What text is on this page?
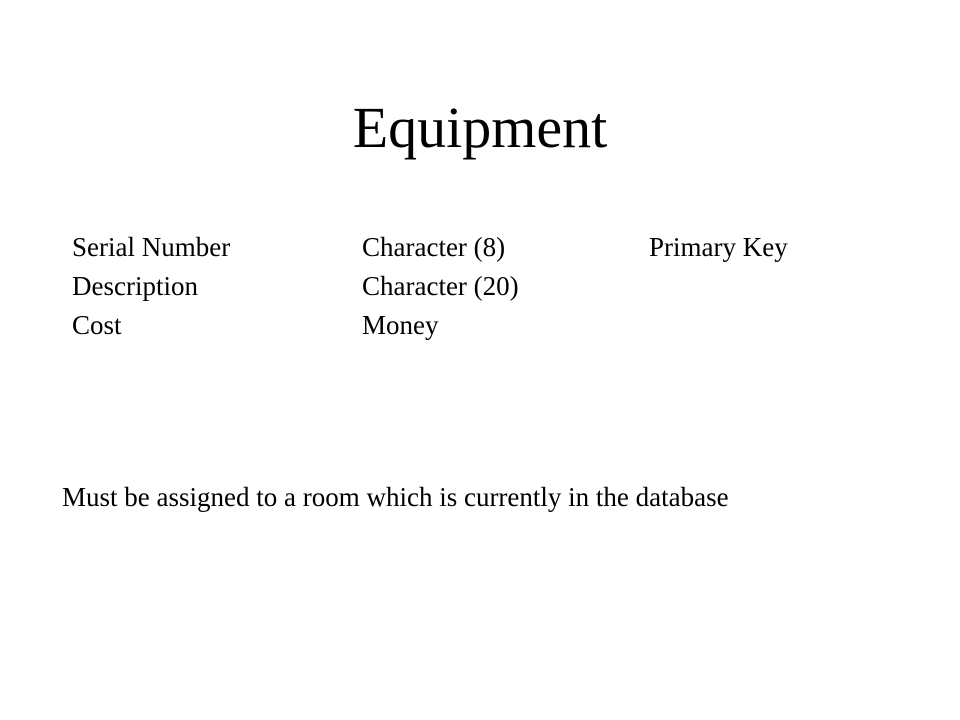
Equipment
Serial Number	Character (8)	Primary Key
Description	Character (20)
Cost	Money
Must be assigned to a room which is currently in the database
